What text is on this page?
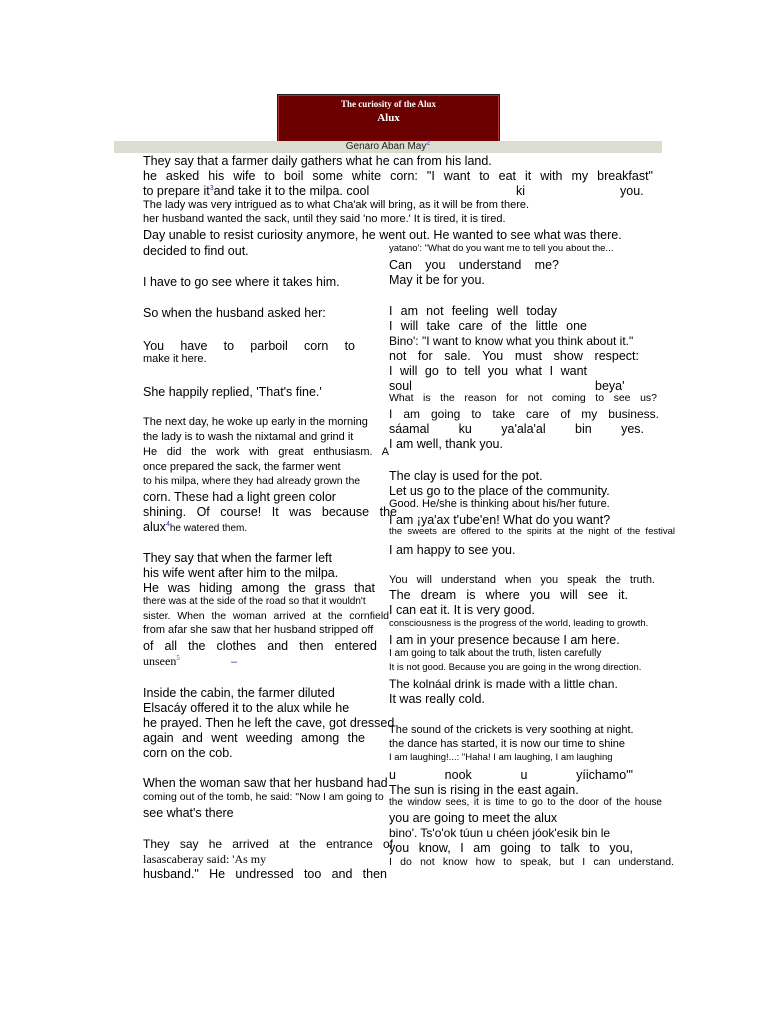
The curiosity of the Alux
Alux
Genaro Aban May$^2$
They say that a farmer daily gathers what he can from his land.
he asked his wife to boil some white corn: "I want to eat it with my breakfast"
to prepare $it^3and$ take it to the milpa. cool	ki	you.
The lady was very intrigued as to what Cha'ak will bring, as it will be from there.
her husband wanted the sack, until they said 'no more.' It is tired, it is tired.
Day unable to resist curiosity anymore, he went out. He wanted to see what was there.
decided to find out.
I have to go see where it takes him.
So when the husband asked her:
You have to parboil corn to
make it here.
She happily replied, 'That's fine.'
The next day, he woke up early in the morning
the lady is to wash the nixtamal and grind it
He did the work with great enthusiasm. A
once prepared the sack, the farmer went
to his milpa, where they had already grown the
corn. These had a light green color
shining. Of course! It was because the
alux$^4$he watered them.
They say that when the farmer left
his wife went after him to the milpa.
He was hiding among the grass that
there was at the side of the road so that it wouldn't
sister. When the woman arrived at the cornfield
from afar she saw that her husband stripped off
of all the clothes and then entered
unseen$^5$	–
Inside the cabin, the farmer diluted
Elsacáy offered it to the alux while he
he prayed. Then he left the cave, got dressed
again and went weeding among the
corn on the cob.
When the woman saw that her husband had
coming out of the tomb, he said: "Now I am going to
see what's there
They say he arrived at the entrance of
lasascaberay said: 'As my
husband." He undressed too and then
yatano': "What do you want me to tell you about the...
Can you understand me?
May it be for you.
I am not feeling well today
I will take care of the little one
Bino': "I want to know what you think about it."
not for sale. You must show respect:
I will go to tell you what I want
soul	beya'
What is the reason for not coming to see us?
I am going to take care of my business.
sáamal ku ya'ala'al bin yes.
I am well, thank you.
The clay is used for the pot.
Let us go to the place of the community.
Good. He/she is thinking about his/her future.
I am ¡ya'ax t'ube'en! What do you want?
the sweets are offered to the spirits at the night of the festival
I am happy to see you.
You will understand when you speak the truth.
The dream is where you will see it.
I can eat it. It is very good.
consciousness is the progress of the world, leading to growth.
I am in your presence because I am here.
I am going to talk about the truth, listen carefully
It is not good. Because you are going in the wrong direction.
The kolnáal drink is made with a little chan.
It was really cold.
The sound of the crickets is very soothing at night.
the dance has started, it is now our time to shine
I am laughing!...: "Haha! I am laughing, I am laughing
u nook u yíichamo'"
The sun is rising in the east again.
the window sees, it is time to go to the door of the house
you are going to meet the alux
bino'. Ts'o'ok túun u chéen jóok'esik bin le
you know, I am going to talk to you,
I do not know how to speak, but I can understand.
